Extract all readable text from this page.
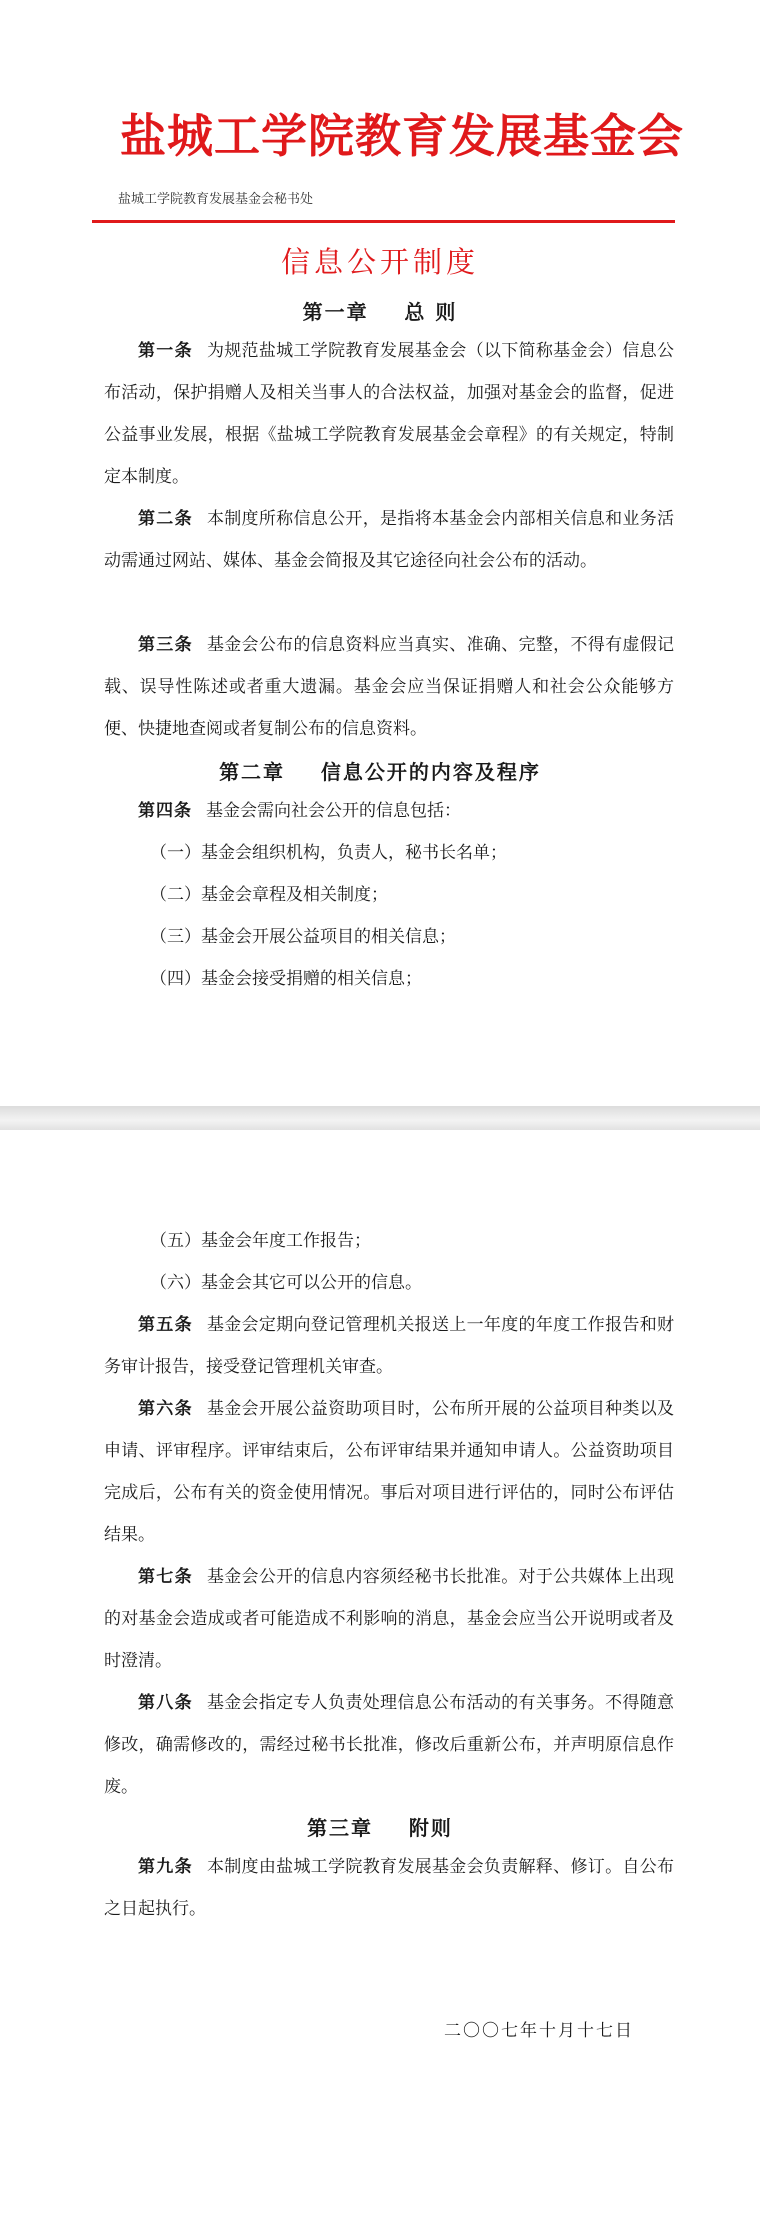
盐城工学院教育发展基金会
盐城工学院教育发展基金会秘书处
信息公开制度
第一章    总 则

第一条 为规范盐城工学院教育发展基金会（以下简称基金会）信息公布活动，保护捐赠人及相关当事人的合法权益，加强对基金会的监督，促进公益事业发展，根据《盐城工学院教育发展基金会章程》的有关规定，特制定本制度。

第二条 本制度所称信息公开，是指将本基金会内部相关信息和业务活动需通过网站、媒体、基金会简报及其它途径向社会公布的活动。

第三条 基金会公布的信息资料应当真实、准确、完整，不得有虚假记载、误导性陈述或者重大遗漏。基金会应当保证捐赠人和社会公众能够方便、快捷地查阅或者复制公布的信息资料。

第二章    信息公开的内容及程序

第四条 基金会需向社会公开的信息包括：

（一）基金会组织机构，负责人，秘书长名单；
（二）基金会章程及相关制度；
（三）基金会开展公益项目的相关信息；
（四）基金会接受捐赠的相关信息；
（五）基金会年度工作报告；
（六）基金会其它可以公开的信息。

第五条 基金会定期向登记管理机关报送上一年度的年度工作报告和财务审计报告，接受登记管理机关审查。

第六条 基金会开展公益资助项目时，公布所开展的公益项目种类以及申请、评审程序。评审结束后，公布评审结果并通知申请人。公益资助项目完成后，公布有关的资金使用情况。事后对项目进行评估的，同时公布评估结果。

第七条 基金会公开的信息内容须经秘书长批准。对于公共媒体上出现的对基金会造成或者可能造成不利影响的消息，基金会应当公开说明或者及时澄清。

第八条 基金会指定专人负责处理信息公布活动的有关事务。不得随意修改，确需修改的，需经过秘书长批准，修改后重新公布，并声明原信息作废。

第三章    附则

第九条 本制度由盐城工学院教育发展基金会负责解释、修订。自公布之日起执行。

二〇〇七年十月十七日
